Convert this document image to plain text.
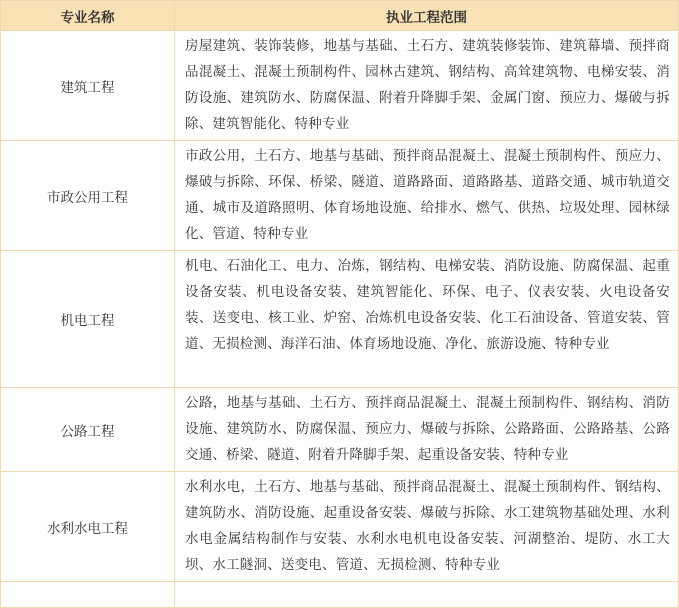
专业名称	执业工程范围
建筑工程	房屋建筑、装饰装修，地基与基础、土石方、建筑装修装饰、建筑幕墙、预拌商品混凝土、混凝土预制构件、园林古建筑、钢结构、高耸建筑物、电梯安装、消防设施、建筑防水、防腐保温、附着升降脚手架、金属门窗、预应力、爆破与拆除、建筑智能化、特种专业
市政公用工程	市政公用，土石方、地基与基础、预拌商品混凝土、混凝土预制构件、预应力、爆破与拆除、环保、桥梁、隧道、道路路面、道路路基、道路交通、城市轨道交通、城市及道路照明、体育场地设施、给排水、燃气、供热、垃圾处理、园林绿化、管道、特种专业
机电工程	机电、石油化工、电力、冶炼，钢结构、电梯安装、消防设施、防腐保温、起重设备安装、机电设备安装、建筑智能化、环保、电子、仪表安装、火电设备安装、送变电、核工业、炉窑、冶炼机电设备安装、化工石油设备、管道安装、管道、无损检测、海洋石油、体育场地设施、净化、旅游设施、特种专业
公路工程	公路，地基与基础、土石方、预拌商品混凝土、混凝土预制构件、钢结构、消防设施、建筑防水、防腐保温、预应力、爆破与拆除、公路路面、公路路基、公路交通、桥梁、隧道、附着升降脚手架、起重设备安装、特种专业
水利水电工程	水利水电，土石方、地基与基础、预拌商品混凝土、混凝土预制构件、钢结构、建筑防水、消防设施、起重设备安装、爆破与拆除、水工建筑物基础处理、水利水电金属结构制作与安装、水利水电机电设备安装、河湖整治、堤防、水工大坝、水工隧洞、送变电、管道、无损检测、特种专业
